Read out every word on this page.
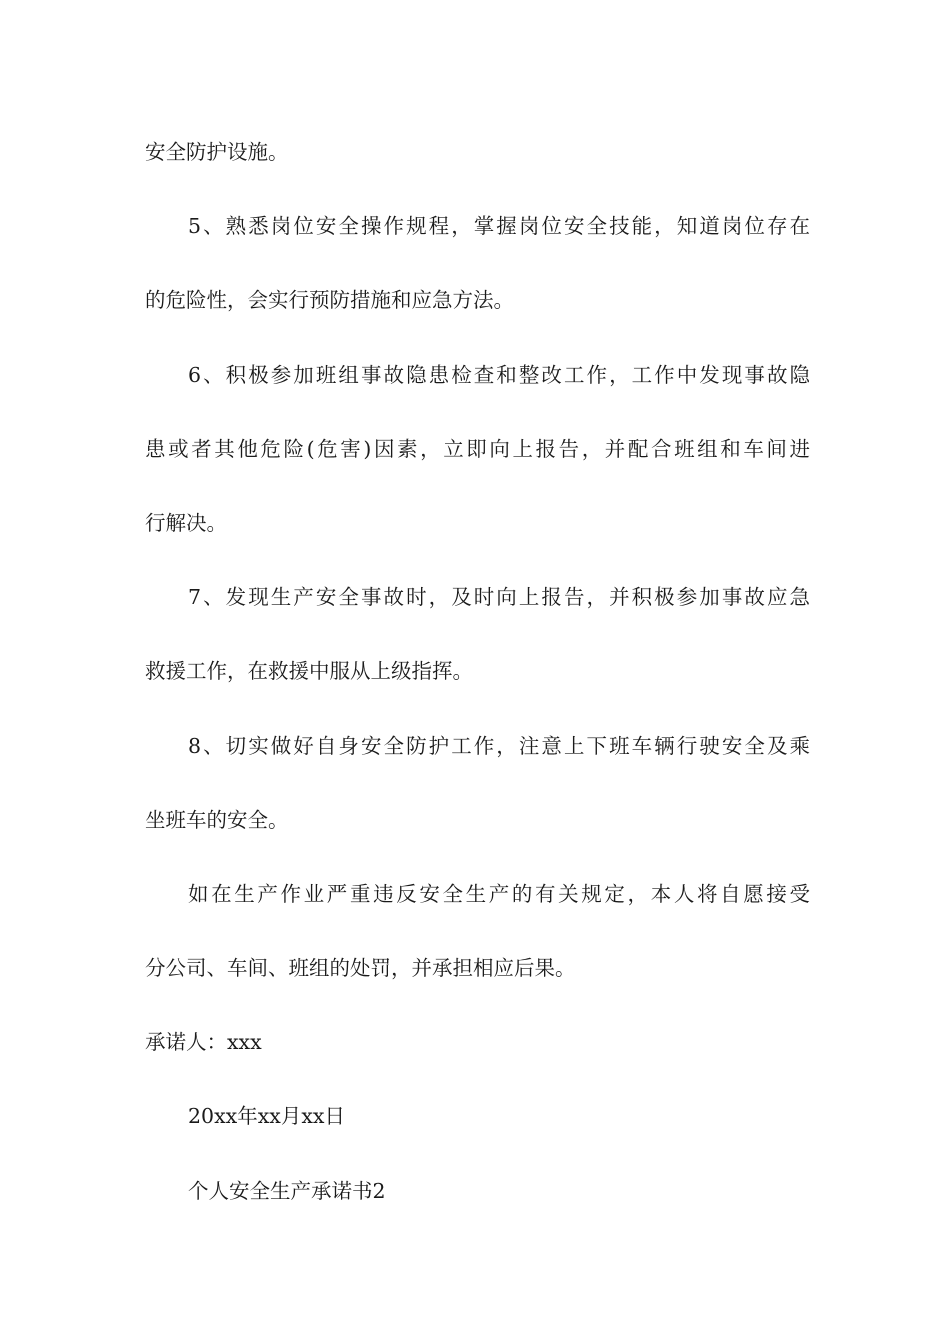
安全防护设施。
5、熟悉岗位安全操作规程，掌握岗位安全技能，知道岗位存在
的危险性，会实行预防措施和应急方法。
6、积极参加班组事故隐患检查和整改工作，工作中发现事故隐
患或者其他危险(危害)因素，立即向上报告，并配合班组和车间进
行解决。
7、发现生产安全事故时，及时向上报告，并积极参加事故应急
救援工作，在救援中服从上级指挥。
8、切实做好自身安全防护工作，注意上下班车辆行驶安全及乘
坐班车的安全。
如在生产作业严重违反安全生产的有关规定，本人将自愿接受
分公司、车间、班组的处罚，并承担相应后果。
承诺人：xxx
20xx年xx月xx日
个人安全生产承诺书2
